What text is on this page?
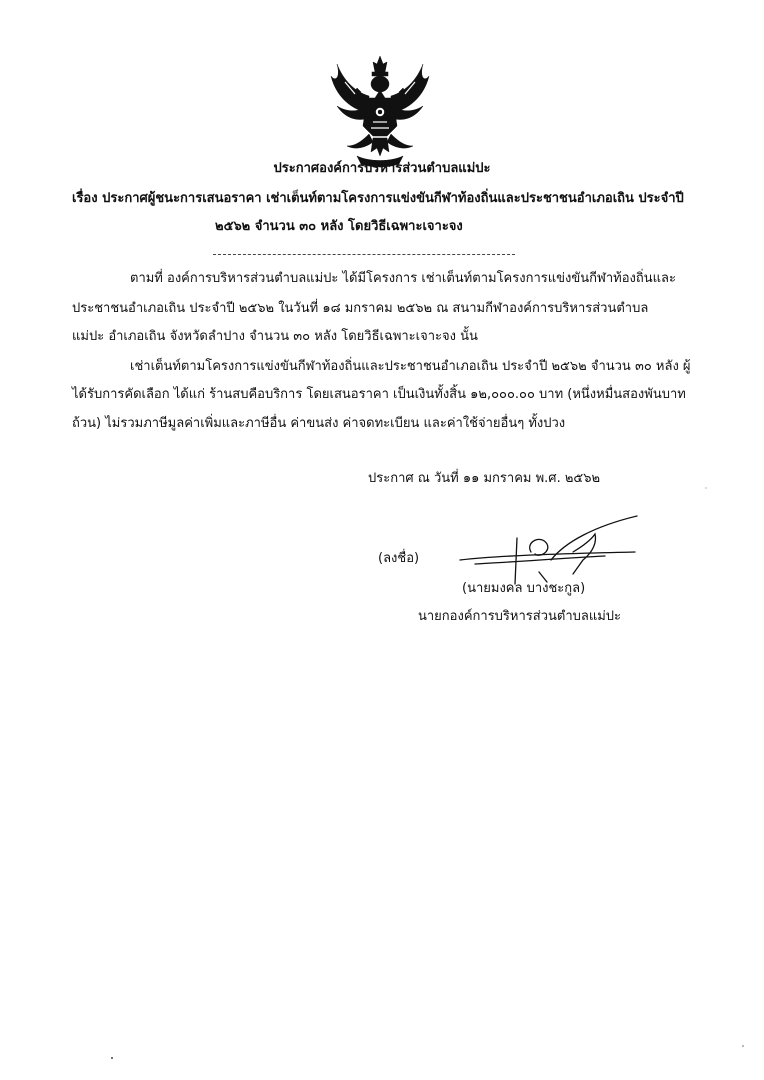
ประกาศองค์การบริหารส่วนตำบลแม่ปะ
เรื่อง ประกาศผู้ชนะการเสนอราคา เช่าเต็นท์ตามโครงการแข่งขันกีฬาท้องถิ่นและประชาชนอำเภอเถิน ประจำปี
๒๕๖๒ จำนวน ๓๐ หลัง โดยวิธีเฉพาะเจาะจง
ตามที่ องค์การบริหารส่วนตำบลแม่ปะ ได้มีโครงการ เช่าเต็นท์ตามโครงการแข่งขันกีฬาท้องถิ่นและ
ประชาชนอำเภอเถิน ประจำปี ๒๕๖๒ ในวันที่ ๑๘ มกราคม ๒๕๖๒ ณ สนามกีฬาองค์การบริหารส่วนตำบล
แม่ปะ อำเภอเถิน จังหวัดลำปาง จำนวน ๓๐ หลัง โดยวิธีเฉพาะเจาะจง นั้น
เช่าเต็นท์ตามโครงการแข่งขันกีฬาท้องถิ่นและประชาชนอำเภอเถิน ประจำปี ๒๕๖๒ จำนวน ๓๐ หลัง ผู้
ได้รับการคัดเลือก ได้แก่ ร้านสบคือบริการ โดยเสนอราคา เป็นเงินทั้งสิ้น ๑๒,๐๐๐.๐๐ บาท (หนึ่งหมื่นสองพันบาท
ถ้วน) ไม่รวมภาษีมูลค่าเพิ่มและภาษีอื่น ค่าขนส่ง ค่าจดทะเบียน และค่าใช้จ่ายอื่นๆ ทั้งปวง
ประกาศ ณ วันที่ ๑๑ มกราคม พ.ศ. ๒๕๖๒
(ลงชื่อ)
(นายมงคล บางชะกูล)
นายกองค์การบริหารส่วนตำบลแม่ปะ
